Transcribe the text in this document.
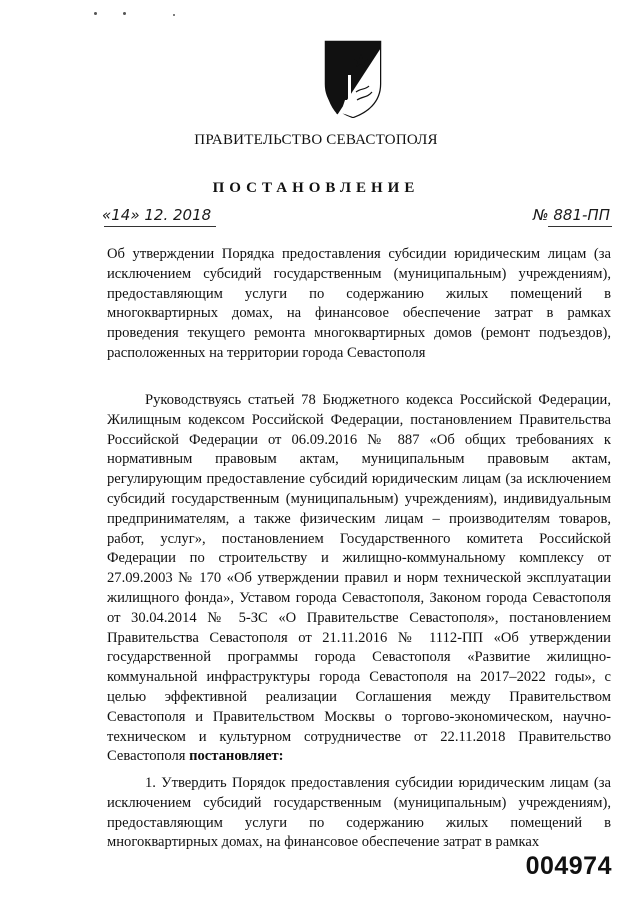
ПРАВИТЕЛЬСТВО СЕВАСТОПОЛЯ
ПОСТАНОВЛЕНИЕ
«14» 12. 2018	№ 881-ПП

Об утверждении Порядка предоставления субсидии юридическим лицам (за исключением субсидий государственным (муниципальным) учреждениям), предоставляющим услуги по содержанию жилых помещений в многоквартирных домах, на финансовое обеспечение затрат в рамках проведения текущего ремонта многоквартирных домов (ремонт подъездов), расположенных на территории города Севастополя

Руководствуясь статьей 78 Бюджетного кодекса Российской Федерации, Жилищным кодексом Российской Федерации, постановлением Правительства Российской Федерации от 06.09.2016 № 887 «Об общих требованиях к нормативным правовым актам, муниципальным правовым актам, регулирующим предоставление субсидий юридическим лицам (за исключением субсидий государственным (муниципальным) учреждениям), индивидуальным предпринимателям, а также физическим лицам – производителям товаров, работ, услуг», постановлением Государственного комитета Российской Федерации по строительству и жилищно-коммунальному комплексу от 27.09.2003 № 170 «Об утверждении правил и норм технической эксплуатации жилищного фонда», Уставом города Севастополя, Законом города Севастополя от 30.04.2014 № 5-ЗС «О Правительстве Севастополя», постановлением Правительства Севастополя от 21.11.2016 № 1112-ПП «Об утверждении государственной программы города Севастополя «Развитие жилищно-коммунальной инфраструктуры города Севастополя на 2017–2022 годы», с целью эффективной реализации Соглашения между Правительством Севастополя и Правительством Москвы о торгово-экономическом, научно-техническом и культурном сотрудничестве от 22.11.2018 Правительство Севастополя постановляет:

1. Утвердить Порядок предоставления субсидии юридическим лицам (за исключением субсидий государственным (муниципальным) учреждениям), предоставляющим услуги по содержанию жилых помещений в многоквартирных домах, на финансовое обеспечение затрат в рамках

004974
